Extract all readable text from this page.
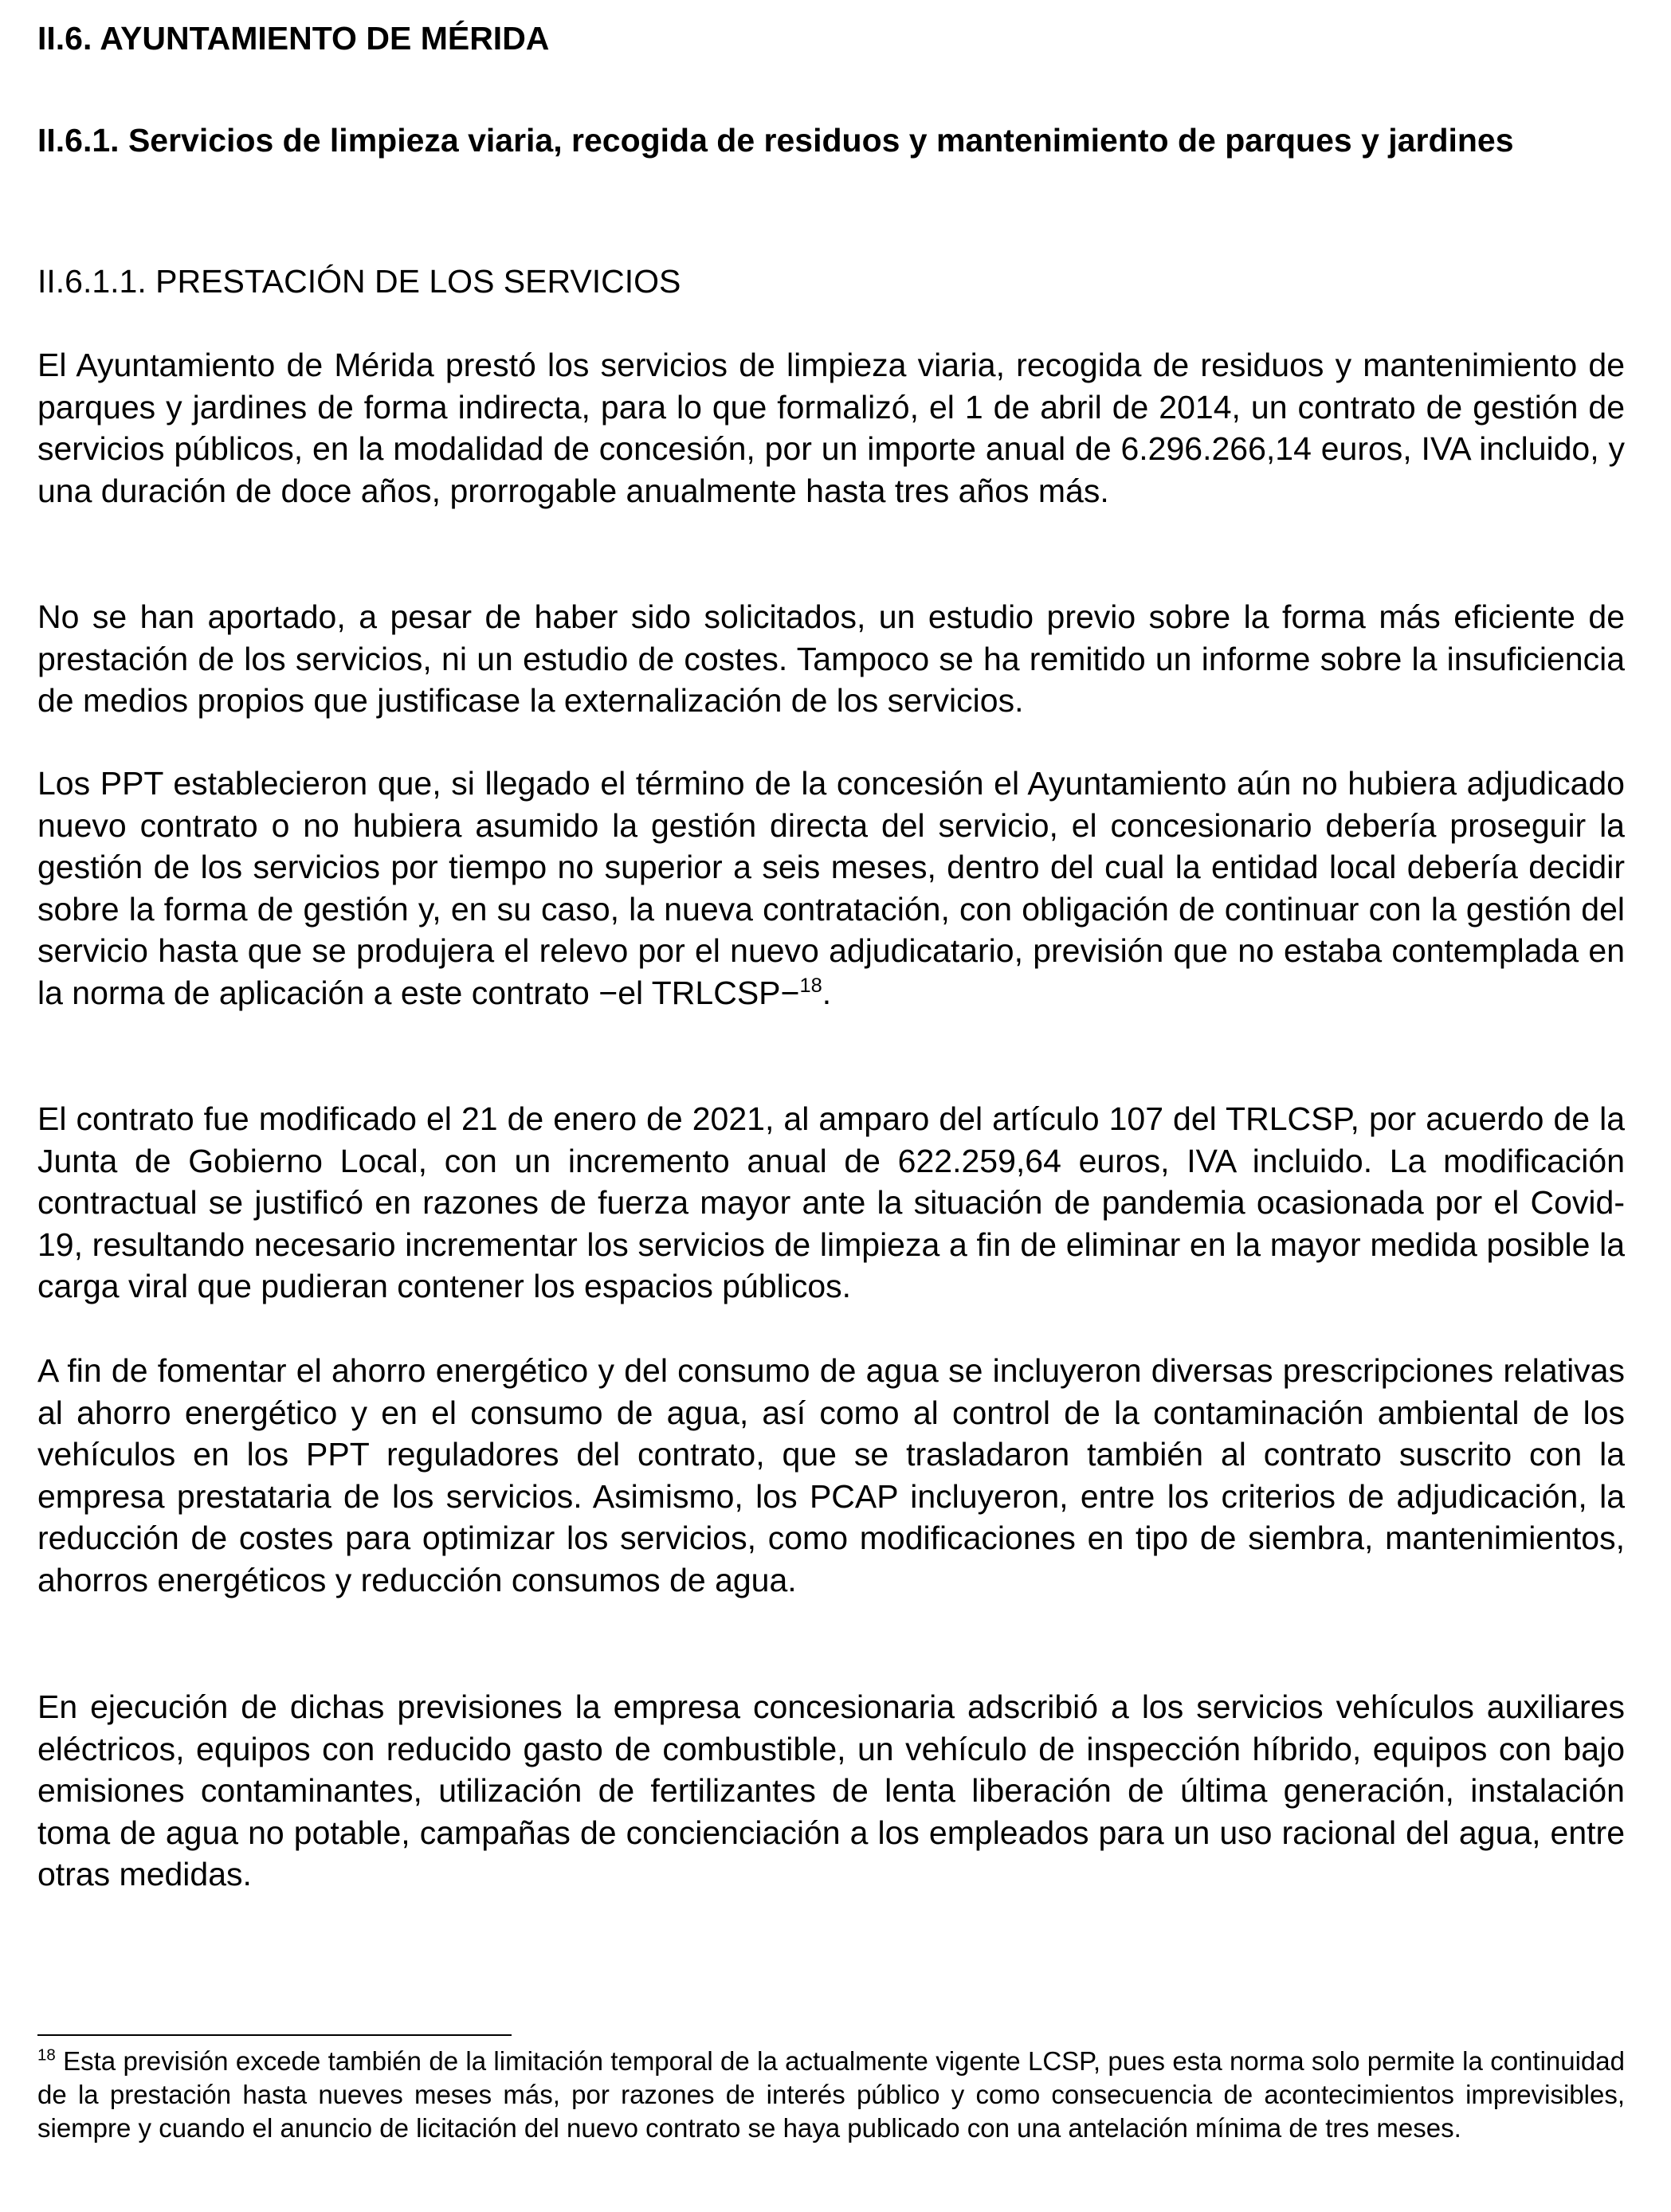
II.6. AYUNTAMIENTO DE MÉRIDA
II.6.1. Servicios de limpieza viaria, recogida de residuos y mantenimiento de parques y jardines
II.6.1.1. PRESTACIÓN DE LOS SERVICIOS

El Ayuntamiento de Mérida prestó los servicios de limpieza viaria, recogida de residuos y mantenimiento de parques y jardines de forma indirecta, para lo que formalizó, el 1 de abril de 2014, un contrato de gestión de servicios públicos, en la modalidad de concesión, por un importe anual de 6.296.266,14 euros, IVA incluido, y una duración de doce años, prorrogable anualmente hasta tres años más.

No se han aportado, a pesar de haber sido solicitados, un estudio previo sobre la forma más eficiente de prestación de los servicios, ni un estudio de costes. Tampoco se ha remitido un informe sobre la insuficiencia de medios propios que justificase la externalización de los servicios.

Los PPT establecieron que, si llegado el término de la concesión el Ayuntamiento aún no hubiera adjudicado nuevo contrato o no hubiera asumido la gestión directa del servicio, el concesionario debería proseguir la gestión de los servicios por tiempo no superior a seis meses, dentro del cual la entidad local debería decidir sobre la forma de gestión y, en su caso, la nueva contratación, con obligación de continuar con la gestión del servicio hasta que se produjera el relevo por el nuevo adjudicatario, previsión que no estaba contemplada en la norma de aplicación a este contrato −el TRLCSP−$^{18}$.

El contrato fue modificado el 21 de enero de 2021, al amparo del artículo 107 del TRLCSP, por acuerdo de la Junta de Gobierno Local, con un incremento anual de 622.259,64 euros, IVA incluido. La modificación contractual se justificó en razones de fuerza mayor ante la situación de pandemia ocasionada por el Covid-19, resultando necesario incrementar los servicios de limpieza a fin de eliminar en la mayor medida posible la carga viral que pudieran contener los espacios públicos.

A fin de fomentar el ahorro energético y del consumo de agua se incluyeron diversas prescripciones relativas al ahorro energético y en el consumo de agua, así como al control de la contaminación ambiental de los vehículos en los PPT reguladores del contrato, que se trasladaron también al contrato suscrito con la empresa prestataria de los servicios. Asimismo, los PCAP incluyeron, entre los criterios de adjudicación, la reducción de costes para optimizar los servicios, como modificaciones en tipo de siembra, mantenimientos, ahorros energéticos y reducción consumos de agua.

En ejecución de dichas previsiones la empresa concesionaria adscribió a los servicios vehículos auxiliares eléctricos, equipos con reducido gasto de combustible, un vehículo de inspección híbrido, equipos con bajo emisiones contaminantes, utilización de fertilizantes de lenta liberación de última generación, instalación toma de agua no potable, campañas de concienciación a los empleados para un uso racional del agua, entre otras medidas.

$^{18}$ Esta previsión excede también de la limitación temporal de la actualmente vigente LCSP, pues esta norma solo permite la continuidad de la prestación hasta nueves meses más, por razones de interés público y como consecuencia de acontecimientos imprevisibles, siempre y cuando el anuncio de licitación del nuevo contrato se haya publicado con una antelación mínima de tres meses.
